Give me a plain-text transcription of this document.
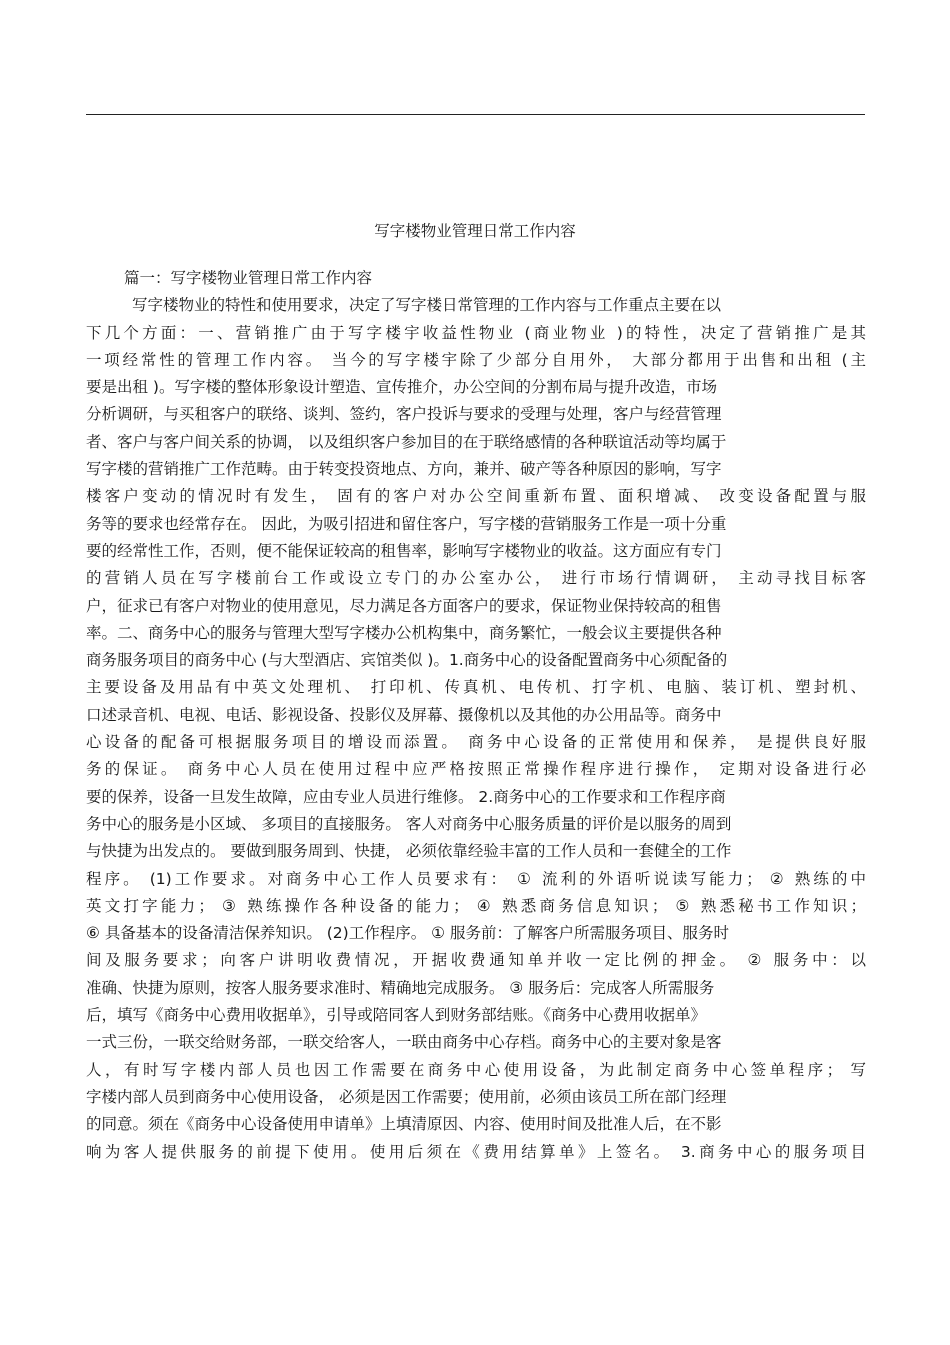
写字楼物业管理日常工作内容
篇一：写字楼物业管理日常工作内容
写字楼物业的特性和使用要求，决定了写字楼日常管理的工作内容与工作重点主要在以
下几个方面：一、营销推广由于写字楼宇收益性物业 (商业物业 )的特性，决定了营销推广是其
一项经常性的管理工作内容。 当今的写字楼宇除了少部分自用外， 大部分都用于出售和出租 (主
要是出租 )。写字楼的整体形象设计塑造、宣传推介，办公空间的分割布局与提升改造，市场
分析调研，与买租客户的联络、谈判、签约，客户投诉与要求的受理与处理，客户与经营管理
者、客户与客户间关系的协调， 以及组织客户参加目的在于联络感情的各种联谊活动等均属于
写字楼的营销推广工作范畴。由于转变投资地点、方向，兼并、破产等各种原因的影响，写字
楼客户变动的情况时有发生， 固有的客户对办公空间重新布置、面积增减、 改变设备配置与服
务等的要求也经常存在。 因此，为吸引招进和留住客户，写字楼的营销服务工作是一项十分重
要的经常性工作，否则，便不能保证较高的租售率，影响写字楼物业的收益。这方面应有专门
的营销人员在写字楼前台工作或设立专门的办公室办公， 进行市场行情调研， 主动寻找目标客
户，征求已有客户对物业的使用意见，尽力满足各方面客户的要求，保证物业保持较高的租售
率。二、商务中心的服务与管理大型写字楼办公机构集中，商务繁忙，一般会议主要提供各种
商务服务项目的商务中心 (与大型酒店、宾馆类似 )。1.商务中心的设备配置商务中心须配备的
主要设备及用品有中英文处理机、 打印机、传真机、电传机、打字机、电脑、装订机、塑封机、
口述录音机、电视、电话、影视设备、投影仪及屏幕、摄像机以及其他的办公用品等。商务中
心设备的配备可根据服务项目的增设而添置。 商务中心设备的正常使用和保养， 是提供良好服
务的保证。 商务中心人员在使用过程中应严格按照正常操作程序进行操作， 定期对设备进行必
要的保养，设备一旦发生故障，应由专业人员进行维修。 2.商务中心的工作要求和工作程序商
务中心的服务是小区域、 多项目的直接服务。 客人对商务中心服务质量的评价是以服务的周到
与快捷为出发点的。 要做到服务周到、快捷， 必须依靠经验丰富的工作人员和一套健全的工作
程序。 (1)工作要求。对商务中心工作人员要求有： ① 流利的外语听说读写能力； ② 熟练的中
英文打字能力； ③ 熟练操作各种设备的能力； ④ 熟悉商务信息知识； ⑤ 熟悉秘书工作知识；
⑥ 具备基本的设备清洁保养知识。 (2)工作程序。 ① 服务前：了解客户所需服务项目、服务时
间及服务要求；向客户讲明收费情况，开据收费通知单并收一定比例的押金。 ② 服务中：以
准确、快捷为原则，按客人服务要求准时、精确地完成服务。 ③ 服务后：完成客人所需服务
后，填写《商务中心费用收据单》，引导或陪同客人到财务部结账。《商务中心费用收据单》
一式三份，一联交给财务部，一联交给客人，一联由商务中心存档。商务中心的主要对象是客
人，有时写字楼内部人员也因工作需要在商务中心使用设备，为此制定商务中心签单程序； 写
字楼内部人员到商务中心使用设备， 必须是因工作需要；使用前，必须由该员工所在部门经理
的同意。须在《商务中心设备使用申请单》上填清原因、内容、使用时间及批准人后，在不影
响为客人提供服务的前提下使用。使用后须在《费用结算单》上签名。 3.商务中心的服务项目
